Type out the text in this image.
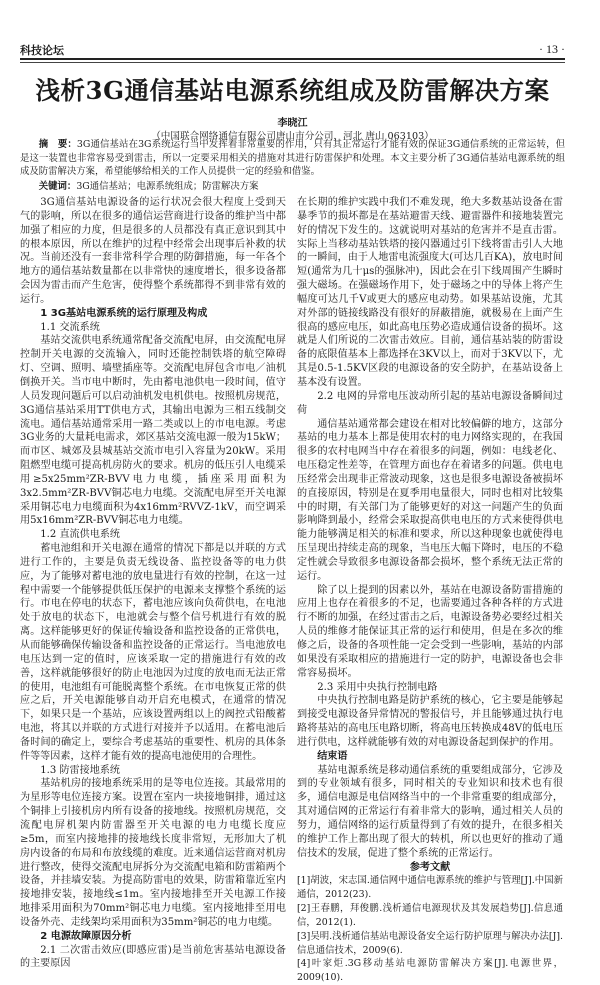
科技论坛	· 13 ·
浅析3G通信基站电源系统组成及防雷解决方案
李晓江
（中国联合网络通信有限公司唐山市分公司，河北 唐山 063103）
摘　要：3G通信基站在3G系统运行当中发挥着非常重要的作用，只有其正常运行才能有效的保证3G通信系统的正常运转，但是这一装置也非常容易受到雷击，所以一定要采用相关的措施对其进行防雷保护和处理。本文主要分析了3G通信基站电源系统的组成及防雷解决方案，希望能够给相关的工作人员提供一定的经验和借鉴。
关键词：3G通信基站；电源系统组成；防雷解决方案

3G通信基站电源设备的运行状况会很大程度上受到天气的影响，所以在很多的通信运营商进行设备的维护当中都加强了相应的力度，但是很多的人员都没有真正意识到其中的根本原因，所以在维护的过程中经常会出现事后补救的状况。当前还没有一套非常科学合理的防御措施，每一年各个地方的通信基站数量都在以非常快的速度增长，很多设备都会因为雷击而产生危害，使得整个系统都得不到非常有效的运行。

1 3G基站电源系统的运行原理及构成
1.1 交流系统

基站交流供电系统通常配备交流配电屏，由交流配电屏控制开关电源的交流输入，同时还能控制铁塔的航空障碍灯、空调、照明、墙壁插座等。交流配电屏包含市电／油机倒换开关。当市电中断时，先由蓄电池供电一段时间，值守人员发现问题后可以启动油机发电机供电。按照机房规范，3G通信基站采用TT供电方式，其输出电源为三相五线制交流电。通信基站通常采用一路二类或以上的市电电源。考虑3G业务的大量耗电需求，郊区基站交流电源一般为15kW；而市区、城郊及县城基站交流市电引入容量为20kW。采用阻燃型电缆可提高机房防火的要求。机房的低压引人电缆采用≥5x25mm²ZR-BVV电力电缆，插座采用面积为3x2.5mm²ZR-BVV铜芯电力电缆。交流配电屏至开关电源采用铜芯电力电缆面积为4x16mm²RVVZ-1kV，而空调采用5x16mm²ZR-BVV铜芯电力电缆。

1.2 直流供电系统

蓄电池组和开关电源在通常的情况下都是以并联的方式进行工作的，主要是负责无线设备、监控设备等的电力供应，为了能够对蓄电池的放电量进行有效的控制，在这一过程中需要一个能够提供低压保护的电源来支撑整个系统的运行。市电在停电的状态下，蓄电池应该向负荷供电，在电池处于放电的状态下，电池就会与整个信号机进行有效的脱离。这样能够更好的保证传输设备和监控设备的正常供电，从而能够确保传输设备和监控设备的正常运行。当电池放电电压达到一定的值时，应该采取一定的措施进行有效的改善，这样就能够很好的防止电池因为过度的放电而无法正常的使用，电池组有可能脱离整个系统。在市电恢复正常的供应之后，开关电源能够自动开启充电模式，在通常的情况下，如果只是一个基站，应该设置两组以上的阀控式铅酸蓄电池，将其以并联的方式进行对接并予以适用。在蓄电池后备时间的确定上，要综合考虑基站的重要性、机房的具体条件等等因素，这样才能有效的提高电池使用的合理性。

1.3 防雷接地系统

基站机房的接地系统采用的是等电位连接。其最常用的为星形等电位连接方案。设置在室内一块接地铜排，通过这个铜排上引接机房内所有设备的接地线。按照机房规范，交流配电屏机架内防雷器至开关电源的电力电缆长度应≥5m，而室内接地排的接地线长度非常短，无形加大了机房内设备的布局和布放线缆的难度。近来通信运营商对机房进行整改，使得交流配电屏拆分为交流配电箱和防雷箱两个设备，并挂墙安装。为提高防雷电的效果，防雷箱靠近室内接地排安装，接地线≤1m。室内接地排至开关电源工作接地排采用面积为70mm²铜芯电力电缆。室内接地排至用电设备外壳、走线架均采用面积为35mm²铜芯的电力电缆。

2 电源故障原因分析
2.1 二次雷击效应(即感应雷)是当前危害基站电源设备的主要原因

在长期的维护实践中我们不难发现，绝大多数基站设备在雷暴季节的损坏都是在基站避雷天线、避雷器件和接地装置完好的情况下发生的。这就说明对基站的危害并不是直击雷。实际上当移动基站铁塔的接闪器通过引下线将雷击引人大地的一瞬间，由于人地雷电流强度大(可达几百KA)，放电时间短(通常为几十μs的强脉冲)，因此会在引下线周围产生瞬时强大磁场。在强磁场作用下，处于磁场之中的导体上将产生幅度可达几千V或更大的感应电动势。如果基站设施，尤其对外部的链接线路没有很好的屏蔽措施，就极易在上面产生很高的感应电压，如此高电压势必造成通信设备的损坏。这就是人们所说的二次雷击效应。目前，通信基站装的防雷设备的底限值基本上都选择在3KV以上，而对于3KV以下，尤其是0.5-1.5KV区段的电源设备的安全防护，在基站设备上基本没有设置。

2.2 电网的异常电压波动所引起的基站电源设备瞬间过荷

通信基站通常都会建设在相对比较偏僻的地方，这部分基站的电力基本上都是使用农村的电力网络实现的，在我国很多的农村电网当中存在着很多的问题，例如：电线老化、电压稳定性差等，在管理方面也存在着诸多的问题。供电电压经常会出现非正常波动现象，这也是很多电源设备被损坏的直接原因，特别是在夏季用电量很大，同时也相对比较集中的时期，有关部门为了能够更好的对这一问题产生的负面影响降到最小，经常会采取提高供电电压的方式来使得供电能力能够满足相关的标准和要求，所以这种现象也就使得电压呈现出持续走高的现象，当电压大幅下降时，电压的不稳定性就会导致很多电源设备都会损坏，整个系统无法正常的运行。

除了以上提到的因素以外，基站在电源设备防雷措施的应用上也存在着很多的不足，也需要通过各种各样的方式进行不断的加强，在经过雷击之后，电源设备势必要经过相关人员的维修才能保证其正常的运行和使用，但是在多次的维修之后，设备的各项性能一定会受到一些影响，基站的内部如果没有采取相应的措施进行一定的防护，电源设备也会非常容易损坏。

2.3 采用中央执行控制电路

中央执行控制电路是防护系统的核心，它主要是能够起到接受电源设备异常情况的警报信号，并且能够通过执行电路将基站的高电压电路切断，将高电压转换成48V的低电压进行供电，这样就能够有效的对电源设备起到保护的作用。

结束语

基站电源系统是移动通信系统的重要组成部分，它涉及到的专业领域有很多，同时相关的专业知识和技术也有很多，通信电源是电信网络当中的一个非常重要的组成部分，其对通信网的正常运行有着非常大的影响，通过相关人员的努力，通信网络的运行质量得到了有效的提升，在很多相关的维护工作上都出现了很大的转机，所以也更好的推动了通信技术的发展，促进了整个系统的正常运行。

参考文献

[1]胡波，宋志国.通信网中通信电源系统的维护与管理[J].中国新通信，2012(23).

[2]王春鹏，拜俊鹏.浅析通信电源现状及其发展趋势[J].信息通信，2012(1).

[3]吴明.浅析通信基站电源设备安全运行防护原理与解决办法[J].信息通信技术，2009(6).

[4]叶家炬.3G移动基站电源防雷解决方案[J].电源世界，2009(10).
